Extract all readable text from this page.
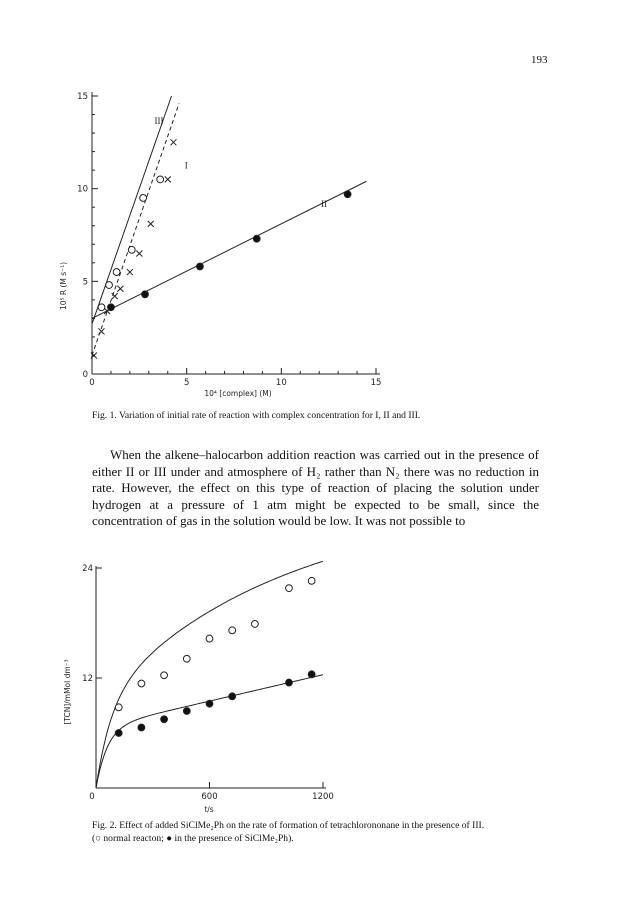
193
0	5	10	15
0
5
10
15
III
I
II
10⁴ [complex] (M)
10⁵ R (M s⁻¹)
Fig. 1. Variation of initial rate of reaction with complex concentration for I, II and III.

When the alkene–halocarbon addition reaction was carried out in the presence of either II or III under and atmosphere of H₂ rather than N₂ there was no reduction in rate. However, the effect on this type of reaction of placing the solution under hydrogen at a pressure of 1 atm might be expected to be small, since the concentration of gas in the solution would be low. It was not possible to

0	600	1200
12
24
t/s
[TCN]/mMol dm⁻³
Fig. 2. Effect of added SiClMe₂Ph on the rate of formation of tetrachlorononane in the presence of III.
(○ normal reacton; ● in the presence of SiClMe₂Ph).
